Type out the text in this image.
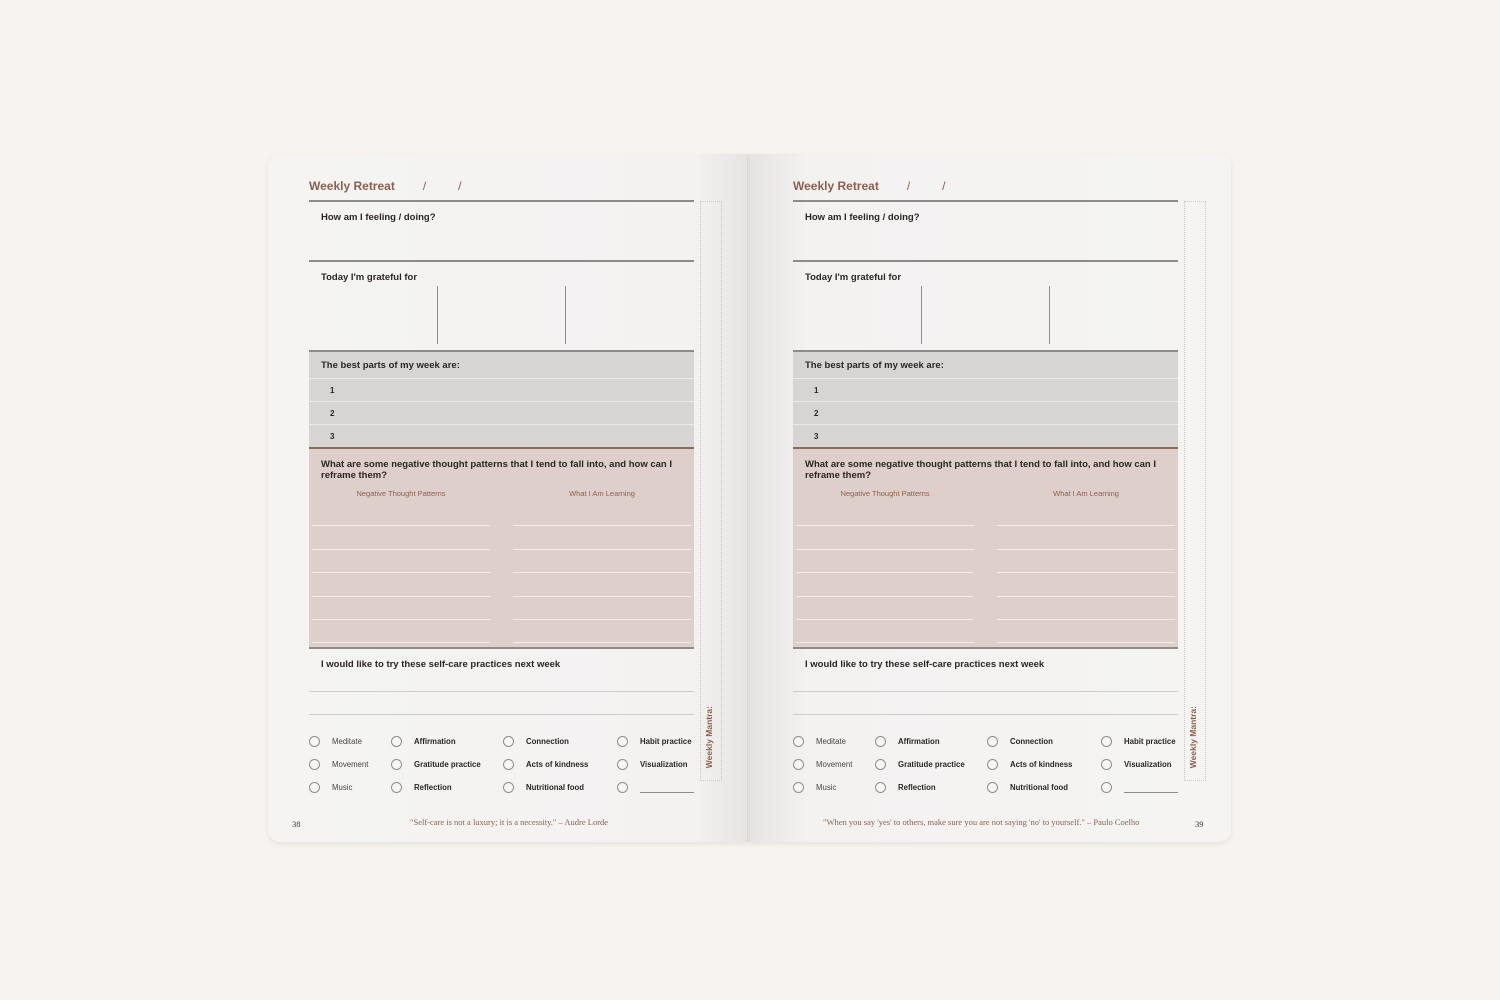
Weekly Retreat /	/
How am I feeling / doing?
Today I'm grateful for
The best parts of my week are:
1
2
3
What are some negative thought patterns that I tend to fall into, and how can I reframe them?
Negative Thought Patterns	What I Am Learning
I would like to try these self-care practices next week
Meditate	Affirmation	Connection	Habit practice
Movement	Gratitude practice	Acts of kindness	Visualization
Music	Reflection	Nutritional food
Weekly Mantra:
38	"Self-care is not a luxury; it is a necessity." – Audre Lorde
Weekly Retreat /	/
How am I feeling / doing?
Today I'm grateful for
The best parts of my week are:
1
2
3
What are some negative thought patterns that I tend to fall into, and how can I reframe them?
Negative Thought Patterns	What I Am Learning
I would like to try these self-care practices next week
Meditate	Affirmation	Connection	Habit practice
Movement	Gratitude practice	Acts of kindness	Visualization
Music	Reflection	Nutritional food
Weekly Mantra:
39
"When you say 'yes' to others, make sure you are not saying 'no' to yourself." – Paulo Coelho
